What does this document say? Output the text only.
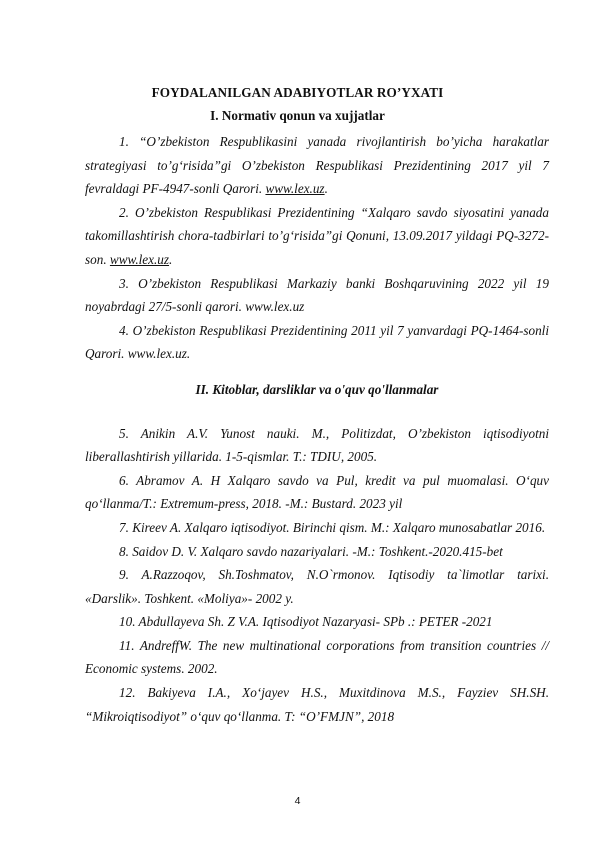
FOYDALANILGAN ADABIYOTLAR RO’YXATI
I. Normativ qonun va xujjatlar

1. “O’zbekiston Respublikasini yanada rivojlantirish bo’yicha harakatlar strategiyasi to’g‘risida”gi O’zbekiston Respublikasi Prezidentining 2017 yil 7 fevraldagi PF-4947-sonli Qarori. www.lex.uz.

2. O’zbekiston Respublikasi Prezidentining “Xalqaro savdo siyosatini yanada takomillashtirish chora-tadbirlari to’g‘risida”gi Qonuni, 13.09.2017 yildagi PQ-3272-son. www.lex.uz.

3. O’zbekiston Respublikasi Markaziy banki Boshqaruvining 2022 yil 19 noyabrdagi 27/5-sonli qarori. www.lex.uz

4. O’zbekiston Respublikasi Prezidentining 2011 yil 7 yanvardagi PQ-1464-sonli Qarori. www.lex.uz.

II. Kitoblar, darsliklar va o'quv qo'llanmalar

5. Anikin A.V. Yunost nauki. M., Politizdat, O’zbekiston iqtisodiyotni liberallashtirish yillarida. 1-5-qismlar. T.: TDIU, 2005.

6. Abramov A. H Xalqaro savdo va Pul, kredit va pul muomalasi. O‘quv qo‘llanma/T.: Extremum-press, 2018. -M.: Bustard. 2023 yil

7. Kireev A. Xalqaro iqtisodiyot. Birinchi qism. M.: Xalqaro munosabatlar 2016.

8. Saidov D. V. Xalqaro savdo nazariyalari. -M.: Toshkent.-2020.415-bet

9. A.Razzoqov, Sh.Toshmatov, N.O`rmonov. Iqtisodiy ta`limotlar tarixi. «Darslik». Toshkent. «Moliya»- 2002 y.

10. Abdullayeva Sh. Z V.A. Iqtisodiyot Nazaryasi- SPb .: PETER -2021

11. AndreffW. The new multinational corporations from transition countries // Economic systems. 2002.

12. Bakiyeva I.A., Xo‘jayev H.S., Muxitdinova M.S., Fayziev SH.SH. “Mikroiqtisodiyot” o‘quv qo‘llanma. T: “O’FMJN”, 2018

4
